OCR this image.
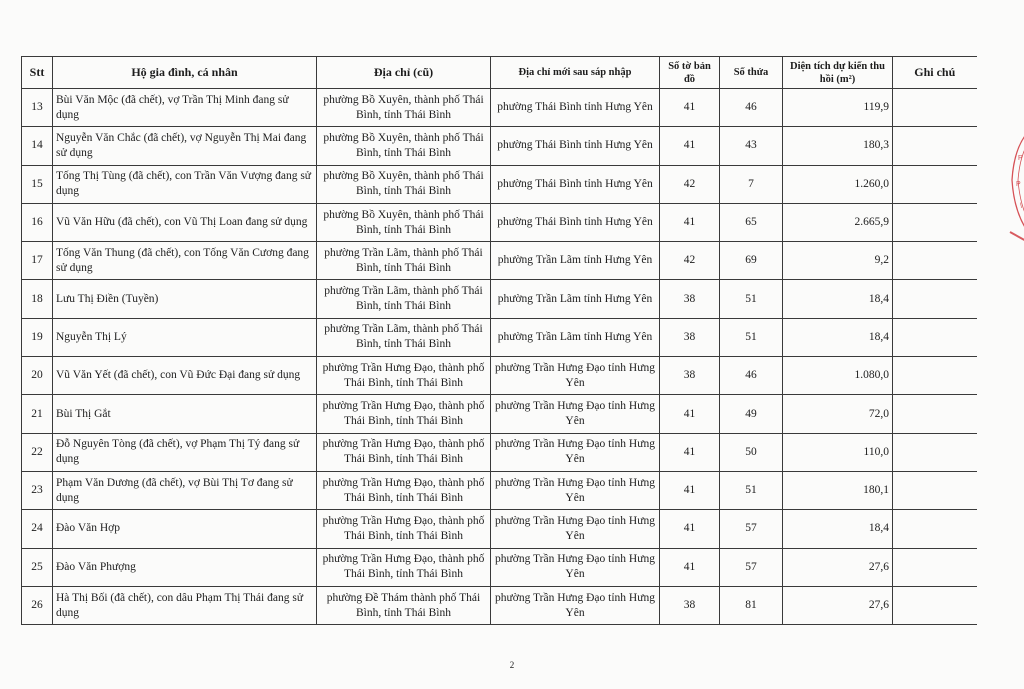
Stt	Hộ gia đình, cá nhân	Địa chỉ (cũ)	Địa chỉ mới sau sáp nhập	Số tờ bản đồ	Số thửa	Diện tích dự kiến thu hồi (m²)	Ghi chú
13	Bùi Văn Mộc (đã chết), vợ Trần Thị Minh đang sử dụng	phường Bồ Xuyên, thành phố Thái Bình, tỉnh Thái Bình	phường Thái Bình tỉnh Hưng Yên	41	46	119,9	
14	Nguyễn Văn Chắc (đã chết), vợ Nguyễn Thị Mai đang sử dụng	phường Bồ Xuyên, thành phố Thái Bình, tỉnh Thái Bình	phường Thái Bình tỉnh Hưng Yên	41	43	180,3	
15	Tống Thị Tùng (đã chết), con Trần Văn Vượng đang sử dụng	phường Bồ Xuyên, thành phố Thái Bình, tỉnh Thái Bình	phường Thái Bình tỉnh Hưng Yên	42	7	1.260,0	
16	Vũ Văn Hữu (đã chết), con Vũ Thị Loan đang sử dụng	phường Bồ Xuyên, thành phố Thái Bình, tỉnh Thái Bình	phường Thái Bình tỉnh Hưng Yên	41	65	2.665,9	
17	Tống Văn Thung (đã chết), con Tống Văn Cương đang sử dụng	phường Trần Lãm, thành phố Thái Bình, tỉnh Thái Bình	phường Trần Lãm tỉnh Hưng Yên	42	69	9,2	
18	Lưu Thị Điền (Tuyền)	phường Trần Lãm, thành phố Thái Bình, tỉnh Thái Bình	phường Trần Lãm tỉnh Hưng Yên	38	51	18,4	
19	Nguyễn Thị Lý	phường Trần Lãm, thành phố Thái Bình, tỉnh Thái Bình	phường Trần Lãm tỉnh Hưng Yên	38	51	18,4	
20	Vũ Văn Yết (đã chết), con Vũ Đức Đại đang sử dụng	phường Trần Hưng Đạo, thành phố Thái Bình, tỉnh Thái Bình	phường Trần Hưng Đạo tỉnh Hưng Yên	38	46	1.080,0	
21	Bùi Thị Gắt	phường Trần Hưng Đạo, thành phố Thái Bình, tỉnh Thái Bình	phường Trần Hưng Đạo tỉnh Hưng Yên	41	49	72,0	
22	Đỗ Nguyên Tòng (đã chết), vợ Phạm Thị Tý đang sử dụng	phường Trần Hưng Đạo, thành phố Thái Bình, tỉnh Thái Bình	phường Trần Hưng Đạo tỉnh Hưng Yên	41	50	110,0	
23	Phạm Văn Dương (đã chết), vợ Bùi Thị Tơ đang sử dụng	phường Trần Hưng Đạo, thành phố Thái Bình, tỉnh Thái Bình	phường Trần Hưng Đạo tỉnh Hưng Yên	41	51	180,1	
24	Đào Văn Hợp	phường Trần Hưng Đạo, thành phố Thái Bình, tỉnh Thái Bình	phường Trần Hưng Đạo tỉnh Hưng Yên	41	57	18,4	
25	Đào Văn Phượng	phường Trần Hưng Đạo, thành phố Thái Bình, tỉnh Thái Bình	phường Trần Hưng Đạo tỉnh Hưng Yên	41	57	27,6	
26	Hà Thị Bối (đã chết), con dâu Phạm Thị Thái đang sử dụng	phường Đề Thám thành phố Thái Bình, tỉnh Thái Bình	phường Trần Hưng Đạo tỉnh Hưng Yên	38	81	27,6	
2
P
P
\
